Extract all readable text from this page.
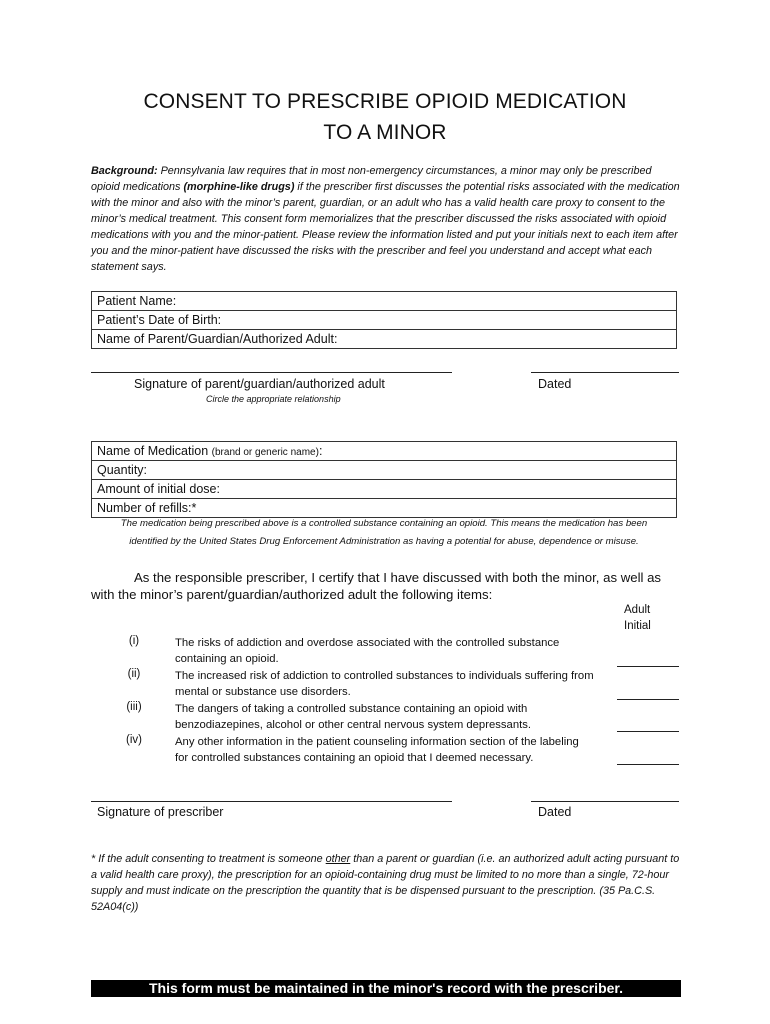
CONSENT TO PRESCRIBE OPIOID MEDICATION
TO A MINOR
Background: Pennsylvania law requires that in most non-emergency circumstances, a minor may only be prescribed opioid medications (morphine-like drugs) if the prescriber first discusses the potential risks associated with the medication with the minor and also with the minor’s parent, guardian, or an adult who has a valid health care proxy to consent to the minor’s medical treatment. This consent form memorializes that the prescriber discussed the risks associated with opioid medications with you and the minor-patient. Please review the information listed and put your initials next to each item after you and the minor-patient have discussed the risks with the prescriber and feel you understand and accept what each statement says.
Patient Name:
Patient’s Date of Birth:
Name of Parent/Guardian/Authorized Adult:
Signature of parent/guardian/authorized adult	Dated
Circle the appropriate relationship
Name of Medication (brand or generic name):
Quantity:
Amount of initial dose:
Number of refills:*
The medication being prescribed above is a controlled substance containing an opioid. This means the medication has been
identified by the United States Drug Enforcement Administration as having a potential for abuse, dependence or misuse.
As the responsible prescriber, I certify that I have discussed with both the minor, as well as
with the minor’s parent/guardian/authorized adult the following items:
Adult
Initial
(i)	The risks of addiction and overdose associated with the controlled substance
containing an opioid.
(ii)	The increased risk of addiction to controlled substances to individuals suffering from
mental or substance use disorders.
(iii)	The dangers of taking a controlled substance containing an opioid with
benzodiazepines, alcohol or other central nervous system depressants.
(iv)	Any other information in the patient counseling information section of the labeling
for controlled substances containing an opioid that I deemed necessary.
Signature of prescriber	Dated
* If the adult consenting to treatment is someone other than a parent or guardian (i.e. an authorized adult acting pursuant to a valid health care proxy), the prescription for an opioid-containing drug must be limited to no more than a single, 72-hour supply and must indicate on the prescription the quantity that is be dispensed pursuant to the prescription. (35 Pa.C.S. 52A04(c))
This form must be maintained in the minor's record with the prescriber.
